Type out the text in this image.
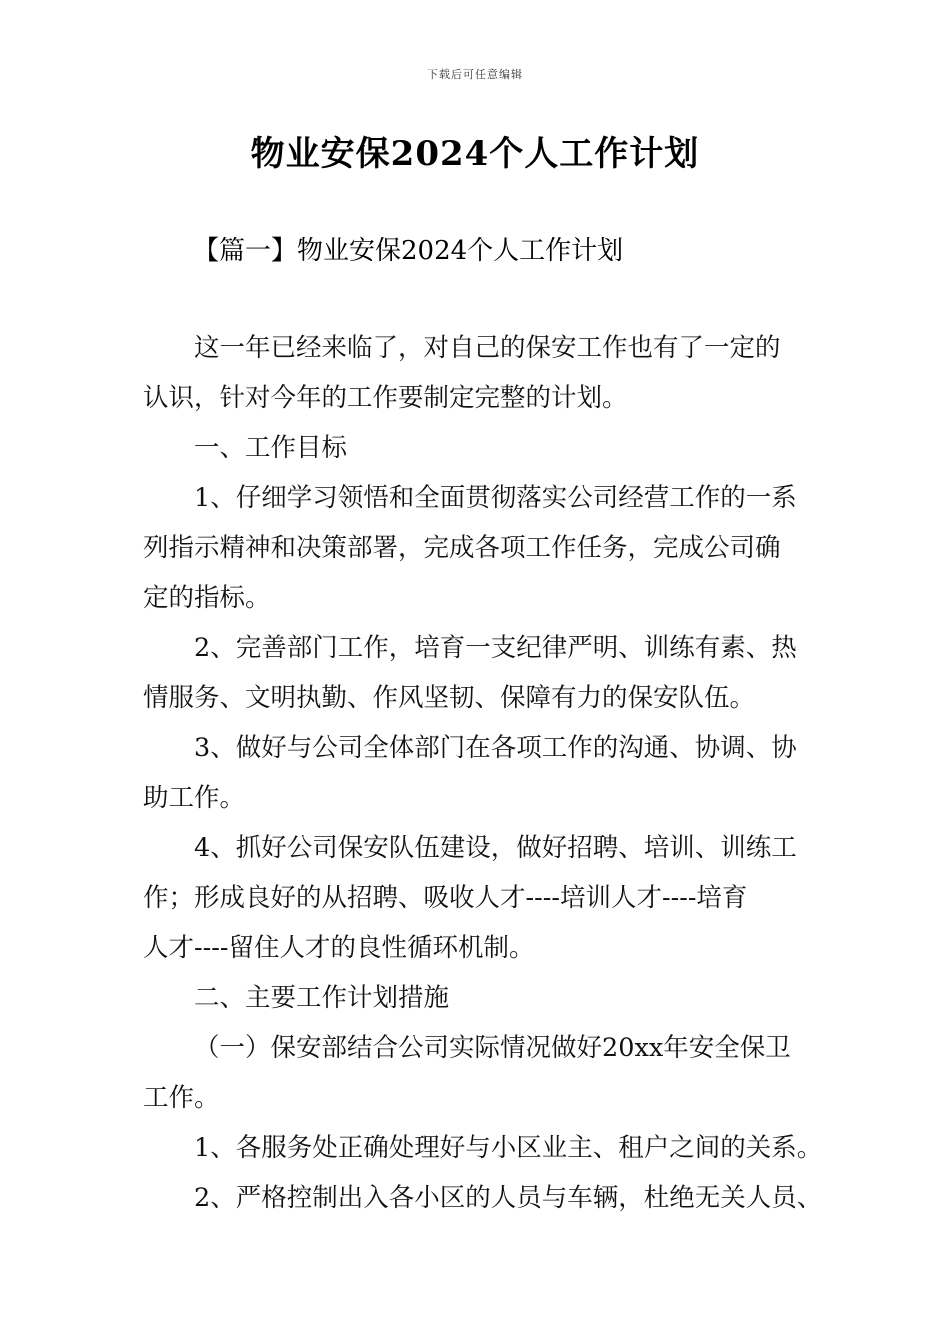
下载后可任意编辑
物业安保2024个人工作计划
【篇一】物业安保2024个人工作计划

这一年已经来临了，对自己的保安工作也有了一定的
认识，针对今年的工作要制定完整的计划。

一、工作目标

1、仔细学习领悟和全面贯彻落实公司经营工作的一系
列指示精神和决策部署，完成各项工作任务，完成公司确
定的指标。

2、完善部门工作，培育一支纪律严明、训练有素、热
情服务、文明执勤、作风坚韧、保障有力的保安队伍。

3、做好与公司全体部门在各项工作的沟通、协调、协
助工作。

4、抓好公司保安队伍建设，做好招聘、培训、训练工
作；形成良好的从招聘、吸收人才----培训人才----培育
人才----留住人才的良性循环机制。

二、主要工作计划措施

（一）保安部结合公司实际情况做好20xx年安全保卫
工作。

1、各服务处正确处理好与小区业主、租户之间的关系。

2、严格控制出入各小区的人员与车辆，杜绝无关人员、
